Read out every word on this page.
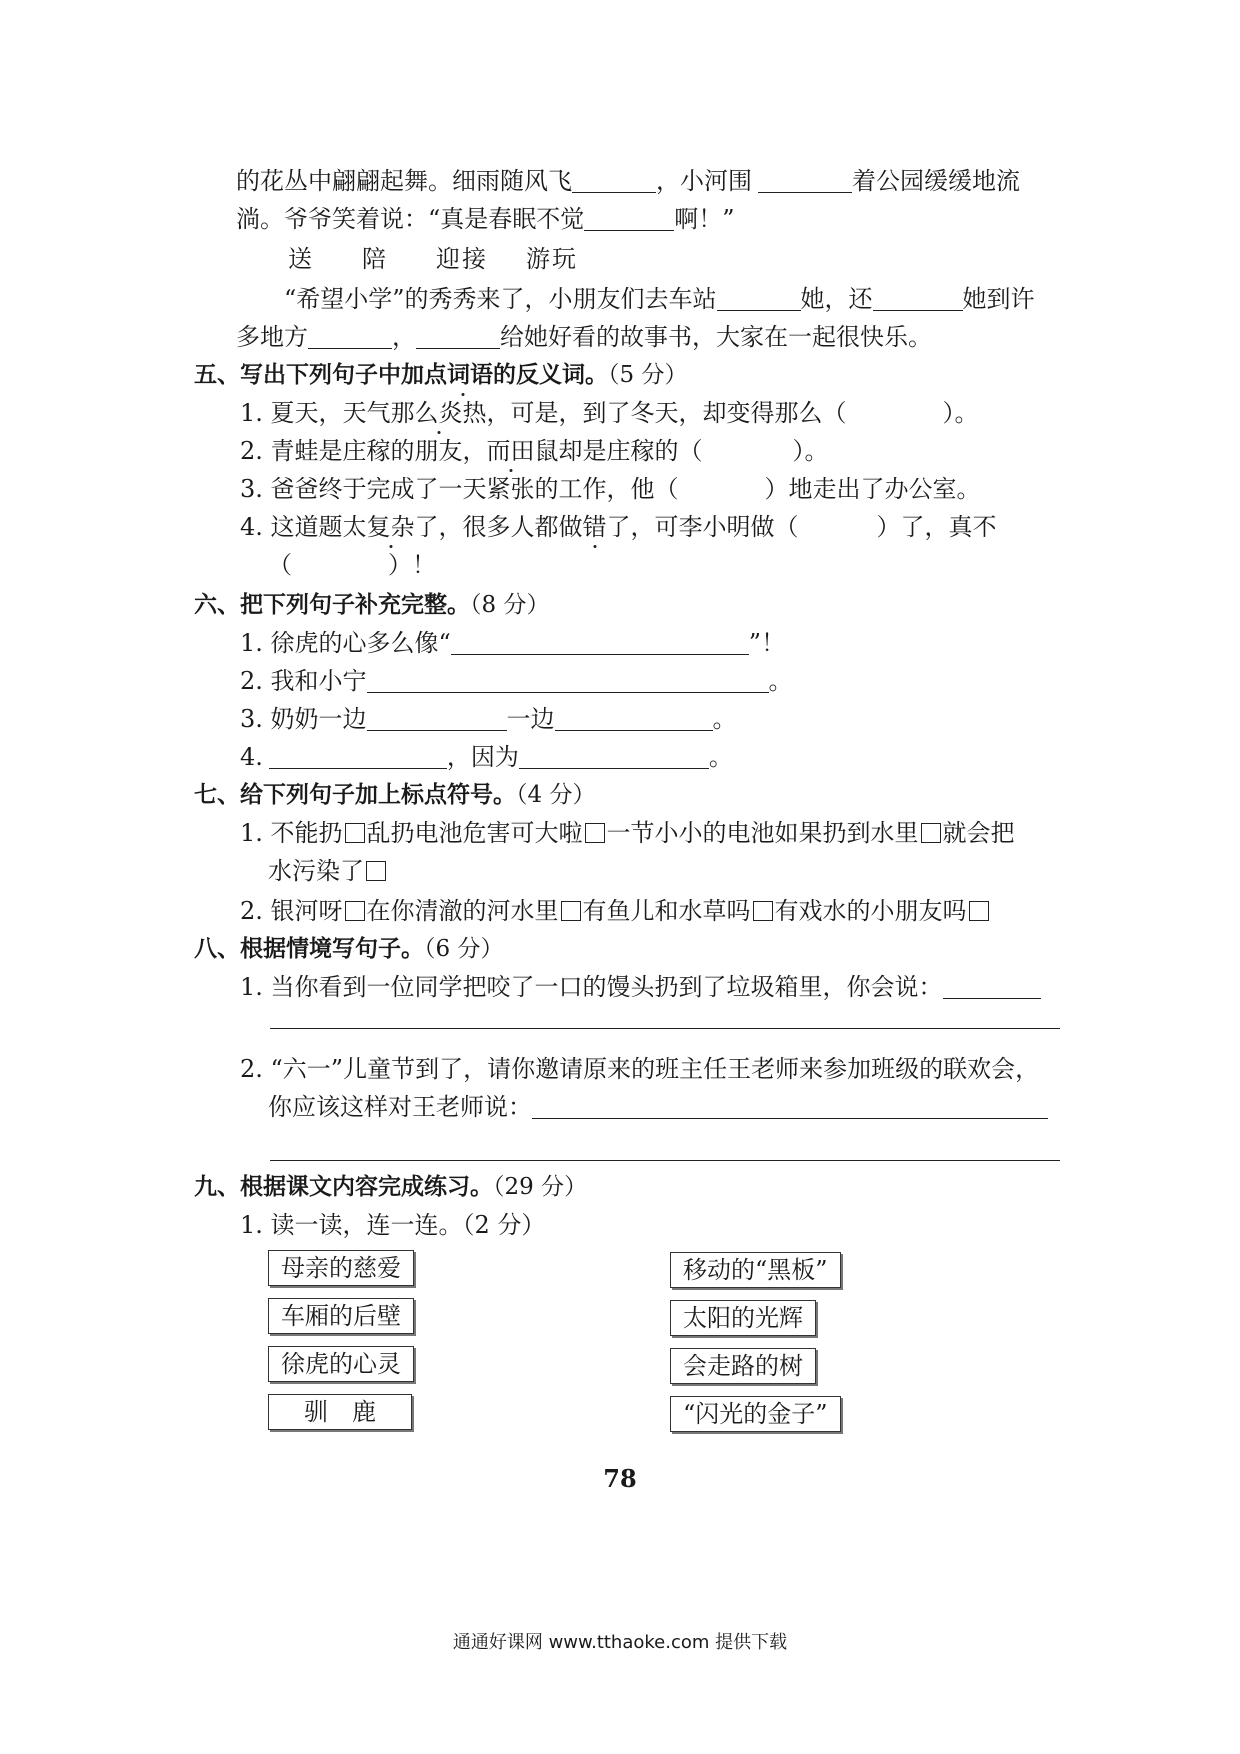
的花丛中翩翩起舞。细雨随风飞	，小河围	着公园缓缓地流
淌。爷爷笑着说：“真是春眠不觉	啊！”
送 陪 迎接 游玩
“希望小学”的秀秀来了，小朋友们去车站	她，还	她到许
多地方	，	给她好看的故事书，大家在一起很快乐。
五、写出下列句子中加点词语的反义词。（5 分）
1. 夏天，天气那么炎热，可是，到了冬天，却变得那么（	）。
2. 青蛙是庄稼的朋友，而田鼠却是庄稼的（	）。
3. 爸爸终于完成了一天紧张的工作，他（	）地走出了办公室。
4. 这道题太复杂了，很多人都做错了，可李小明做（	）了，真不
（　　　　）！
六、把下列句子补充完整。（8 分）
1. 徐虎的心多么像“	”！
2. 我和小宁	。
3. 奶奶一边	一边	。
4.	，因为	。
七、给下列句子加上标点符号。（4 分）
1. 不能扔 乱扔电池危害可大啦 一节小小的电池如果扔到水里 就会把
水污染了
2. 银河呀 在你清澈的河水里 有鱼儿和水草吗 有戏水的小朋友吗
八、根据情境写句子。（6 分）
1. 当你看到一位同学把咬了一口的馒头扔到了垃圾箱里，你会说：
2. “六一”儿童节到了，请你邀请原来的班主任王老师来参加班级的联欢会，
你应该这样对王老师说：
九、根据课文内容完成练习。（29 分）
1. 读一读，连一连。（2 分）
母亲的慈爱
车厢的后壁
徐虎的心灵
驯　鹿
移动的“黑板”
太阳的光辉
会走路的树
“闪光的金子”
78
通通好课网 www.tthaoke.com 提供下载
